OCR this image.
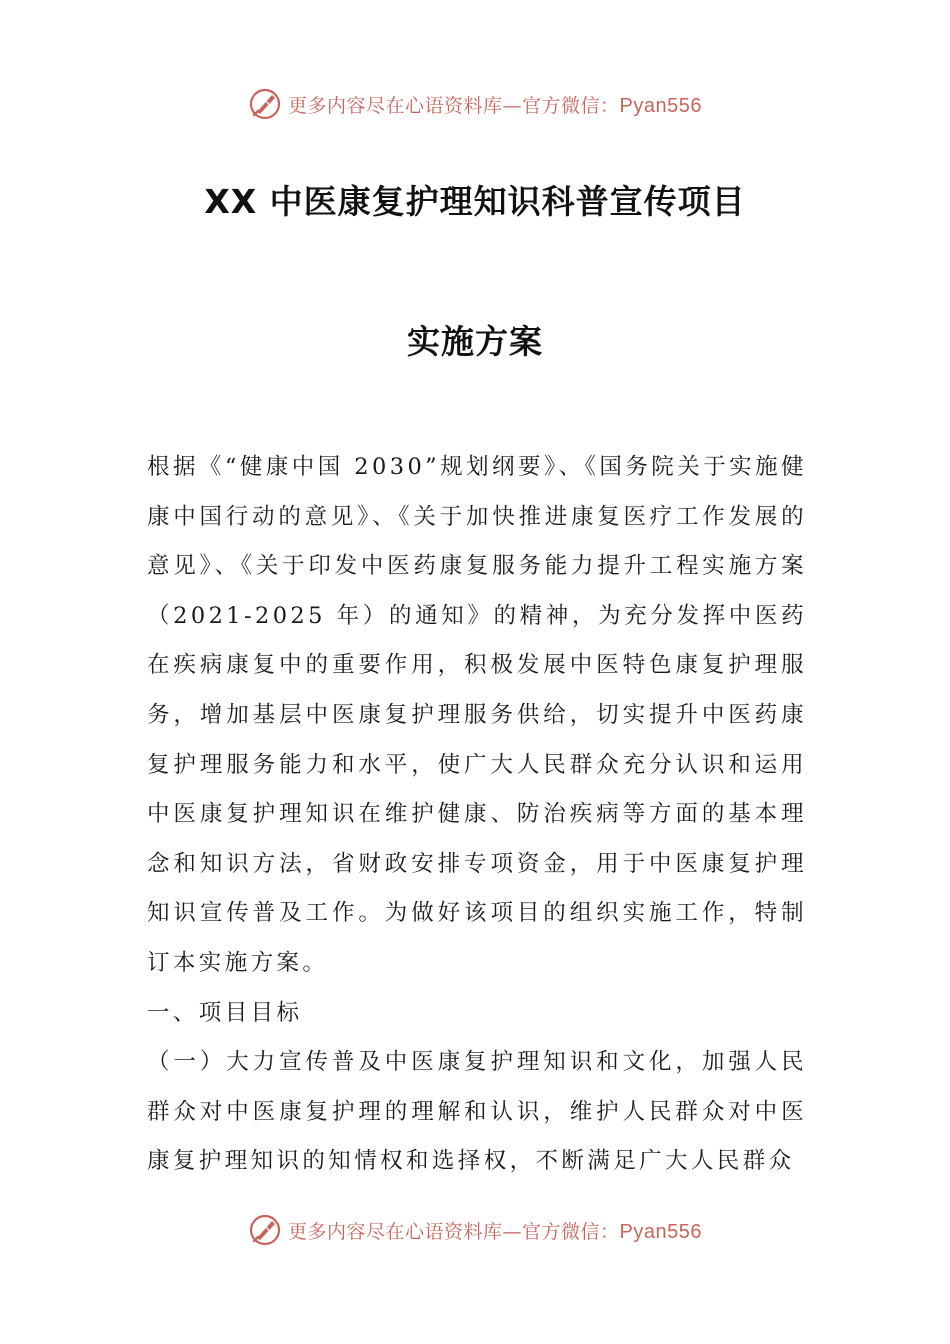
更多内容尽在心语资料库—官方微信：Pyan556
XX 中医康复护理知识科普宣传项目
实施方案

根据《“健康中国 2030”规划纲要》、《国务院关于实施健康中国行动的意见》、《关于加快推进康复医疗工作发展的意见》、《关于印发中医药康复服务能力提升工程实施方案（2021-2025 年）的通知》的精神，为充分发挥中医药在疾病康复中的重要作用，积极发展中医特色康复护理服务，增加基层中医康复护理服务供给，切实提升中医药康复护理服务能力和水平，使广大人民群众充分认识和运用中医康复护理知识在维护健康、防治疾病等方面的基本理念和知识方法，省财政安排专项资金，用于中医康复护理知识宣传普及工作。为做好该项目的组织实施工作，特制订本实施方案。

一、项目目标

（一）大力宣传普及中医康复护理知识和文化，加强人民群众对中医康复护理的理解和认识，维护人民群众对中医康复护理知识的知情权和选择权，不断满足广大人民群众

更多内容尽在心语资料库—官方微信：Pyan556
